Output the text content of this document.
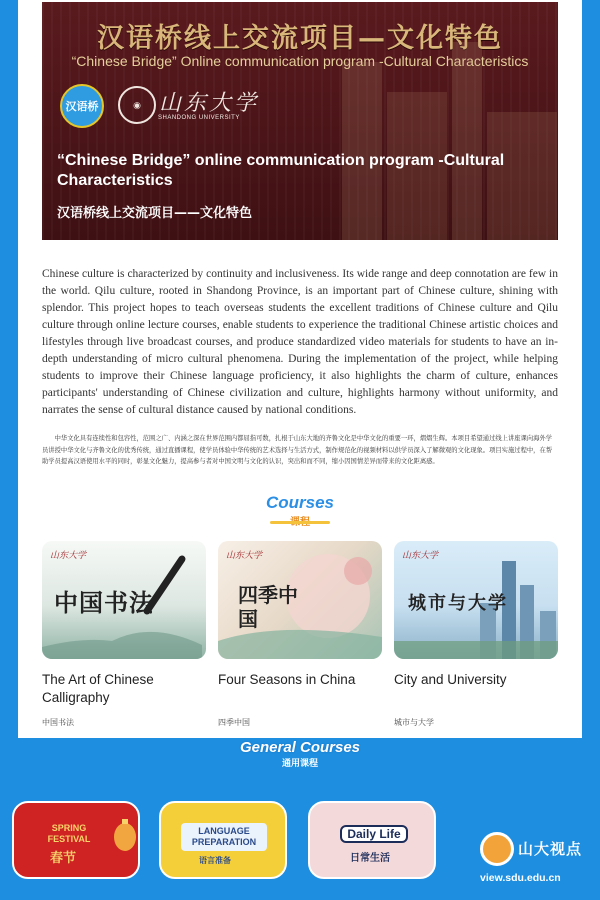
汉语桥线上交流项目—文化特色
“Chinese Bridge” Online communication program -Cultural Characteristics
汉语桥	◉ 山东大学
SHANDONG UNIVERSITY
“Chinese Bridge” online communication program -Cultural Characteristics
汉语桥线上交流项目——文化特色
Chinese culture is characterized by continuity and inclusiveness. Its wide range and deep connotation are few in the world. Qilu culture, rooted in Shandong Province, is an important part of Chinese culture, shining with splendor. This project hopes to teach overseas students the excellent traditions of Chinese culture and Qilu culture through online lecture courses, enable students to experience the traditional Chinese artistic choices and lifestyles through live broadcast courses, and produce standardized video materials for students to have an in-depth understanding of micro cultural phenomena. During the implementation of the project, while helping students to improve their Chinese language proficiency, it also highlights the charm of culture, enhances participants' understanding of Chinese civilization and culture, highlights harmony without uniformity, and narrates the sense of cultural distance caused by national conditions.
中华文化具有连续性和包容性，范围之广、内涵之深在世界范围内都屈指可数，扎根于山东大地的齐鲁文化是中华文化的重要一环，熠熠生辉。本项目希望通过线上讲座课向海外学员讲授中华文化与齐鲁文化的优秀传统，通过直播课程，使学员体验中华传统的艺术选择与生活方式，制作规范化的视频材料以供学员深入了解微观的文化现象。项目实施过程中，在帮助学员提高汉语使用水平的同时，彰显文化魅力，提高参与者对中国文明与文化的认识，突出和而不同，缩小因国情差异而带来的文化距离感。
Courses
山东大学
中国书法
The Art of Chinese Calligraphy
中国书法
山东大学
四季中国
Four Seasons in China
四季中国
山东大学
城市与大学
City and University
城市与大学
General Courses
通用课程
SPRING FESTIVAL
春节
LANGUAGE PREPARATION
语言准备
Daily Life
日常生活
山大视点
view.sdu.edu.cn
